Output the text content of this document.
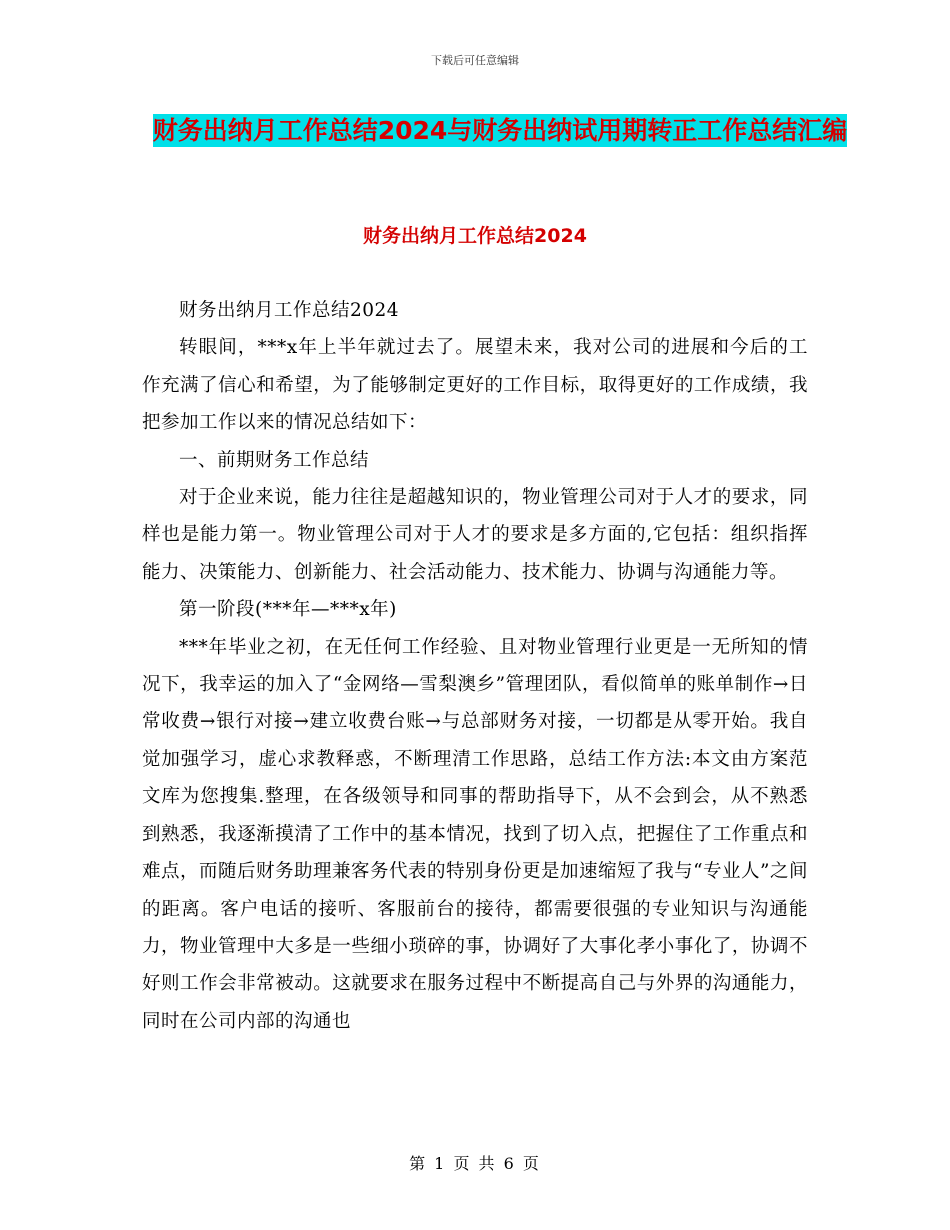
下载后可任意编辑
财务出纳月工作总结2024与财务出纳试用期转正工作总结汇编
财务出纳月工作总结2024

财务出纳月工作总结2024

转眼间，***x年上半年就过去了。展望未来，我对公司的进展和今后的工作充满了信心和希望，为了能够制定更好的工作目标，取得更好的工作成绩，我把参加工作以来的情况总结如下：

一、前期财务工作总结

对于企业来说，能力往往是超越知识的，物业管理公司对于人才的要求，同样也是能力第一。物业管理公司对于人才的要求是多方面的,它包括：组织指挥能力、决策能力、创新能力、社会活动能力、技术能力、协调与沟通能力等。

第一阶段(***年—***x年)

***年毕业之初，在无任何工作经验、且对物业管理行业更是一无所知的情况下，我幸运的加入了“金网络—雪梨澳乡”管理团队，看似简单的账单制作→日常收费→银行对接→建立收费台账→与总部财务对接，一切都是从零开始。我自觉加强学习，虚心求教释惑，不断理清工作思路，总结工作方法:本文由方案范文库为您搜集.整理，在各级领导和同事的帮助指导下，从不会到会，从不熟悉到熟悉，我逐渐摸清了工作中的基本情况，找到了切入点，把握住了工作重点和难点，而随后财务助理兼客务代表的特别身份更是加速缩短了我与“专业人”之间的距离。客户电话的接听、客服前台的接待，都需要很强的专业知识与沟通能力，物业管理中大多是一些细小琐碎的事，协调好了大事化孝小事化了，协调不好则工作会非常被动。这就要求在服务过程中不断提高自己与外界的沟通能力，同时在公司内部的沟通也

第 1 页 共 6 页
